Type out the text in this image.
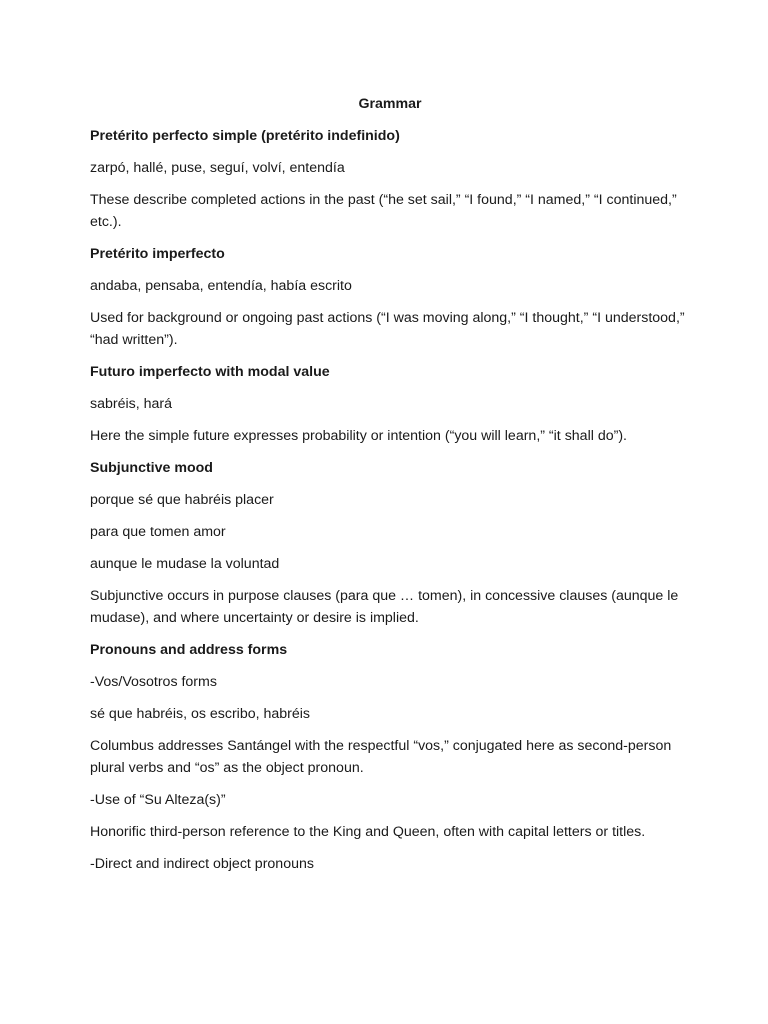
Grammar
Pretérito perfecto simple (pretérito indefinido)
zarpó, hallé, puse, seguí, volví, entendía
These describe completed actions in the past (“he set sail,” “I found,” “I named,” “I continued,” etc.).
Pretérito imperfecto
andaba, pensaba, entendía, había escrito
Used for background or ongoing past actions (“I was moving along,” “I thought,” “I understood,” “had written”).
Futuro imperfecto with modal value
sabréis, hará
Here the simple future expresses probability or intention (“you will learn,” “it shall do”).
Subjunctive mood
porque sé que habréis placer
para que tomen amor
aunque le mudase la voluntad
Subjunctive occurs in purpose clauses (para que … tomen), in concessive clauses (aunque le mudase), and where uncertainty or desire is implied.
Pronouns and address forms
-Vos/Vosotros forms
sé que habréis, os escribo, habréis
Columbus addresses Santángel with the respectful “vos,” conjugated here as second-person plural verbs and “os” as the object pronoun.
-Use of “Su Alteza(s)”
Honorific third-person reference to the King and Queen, often with capital letters or titles.
-Direct and indirect object pronouns
